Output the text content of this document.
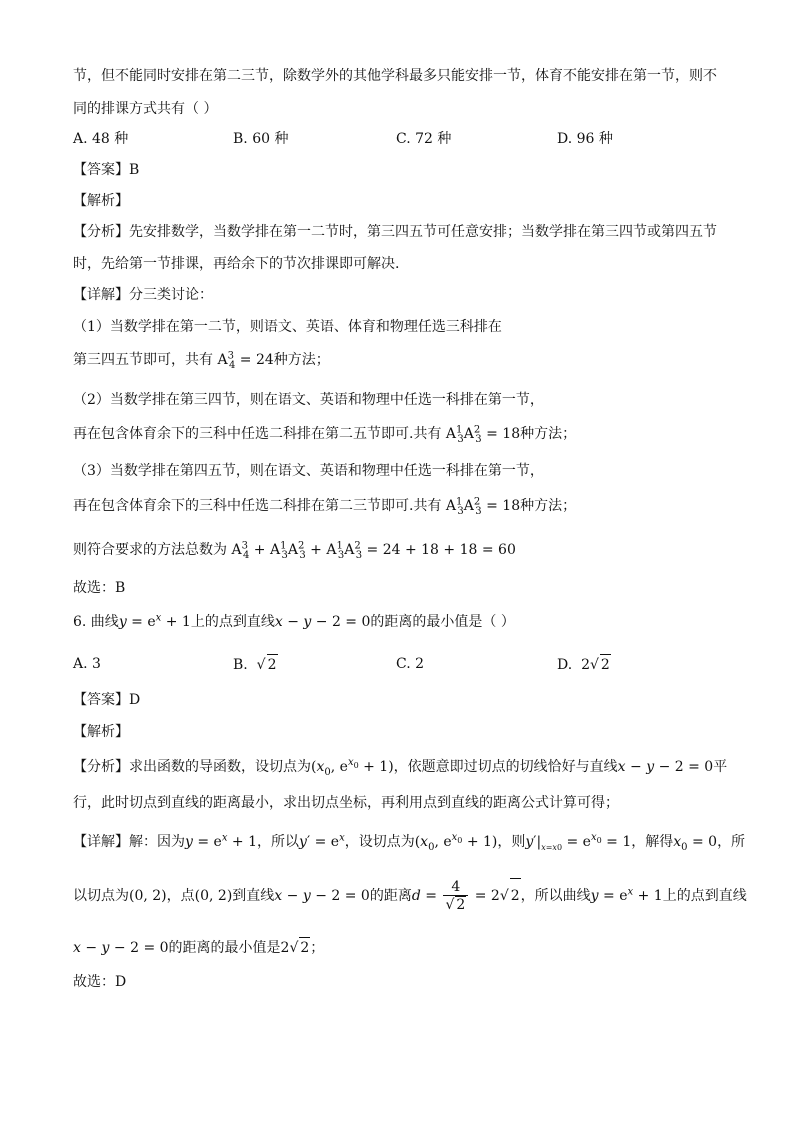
节，但不能同时安排在第二三节，除数学外的其他学科最多只能安排一节，体育不能安排在第一节，则不
同的排课方式共有（ ）
A. 48 种	B. 60 种	C. 72 种	D. 96 种
【答案】B
【解析】
【分析】先安排数学，当数学排在第一二节时，第三四五节可任意安排；当数学排在第三四节或第四五节
时，先给第一节排课，再给余下的节次排课即可解决.
【详解】分三类讨论：
（1）当数学排在第一二节，则语文、英语、体育和物理任选三科排在
第三四五节即可，共有 $A^3_4 = 24$种方法；
（2）当数学排在第三四节，则在语文、英语和物理中任选一科排在第一节，
再在包含体育余下的三科中任选二科排在第二五节即可.共有 $A^1_3A^2_3 = 18$种方法；
（3）当数学排在第四五节，则在语文、英语和物理中任选一科排在第一节，
再在包含体育余下的三科中任选二科排在第二三节即可.共有 $A^1_3A^2_3 = 18$种方法；
则符合要求的方法总数为 $A^3_4 + A^1_3A^2_3 + A^1_3A^2_3 = 24 + 18 + 18 = 60$
故选：B
6. 曲线$y = e^x + 1$上的点到直线x − y − 2 = 0的距离的最小值是（ ）
A. 3	B.  √ 2	C. 2	D.  2√ 2
【答案】D
【解析】
【分析】求出函数的导函数，设切点为($x_0$, $e^{x_0} + 1$)，依题意即过切点的切线恰好与直线x − y − 2 = 0平
行，此时切点到直线的距离最小，求出切点坐标，再利用点到直线的距离公式计算可得；
【详解】解：因为$y = e^x + 1$，所以$y' = e^x$，设切点为($x_0$, $e^{x_0} + 1$)，则$y'|_{x=x0} = e^{x_0} = 1$，解得$x_0 = 0$，所
以切点为(0, 2)，点(0, 2)到直线x − y − 2 = 0的距离$d = \frac{4}{√ 2} = 2√$ 2，所以曲线$y = e^x + 1$上的点到直线
x − y − 2 = 0的距离的最小值是2√ 2；
故选：D
